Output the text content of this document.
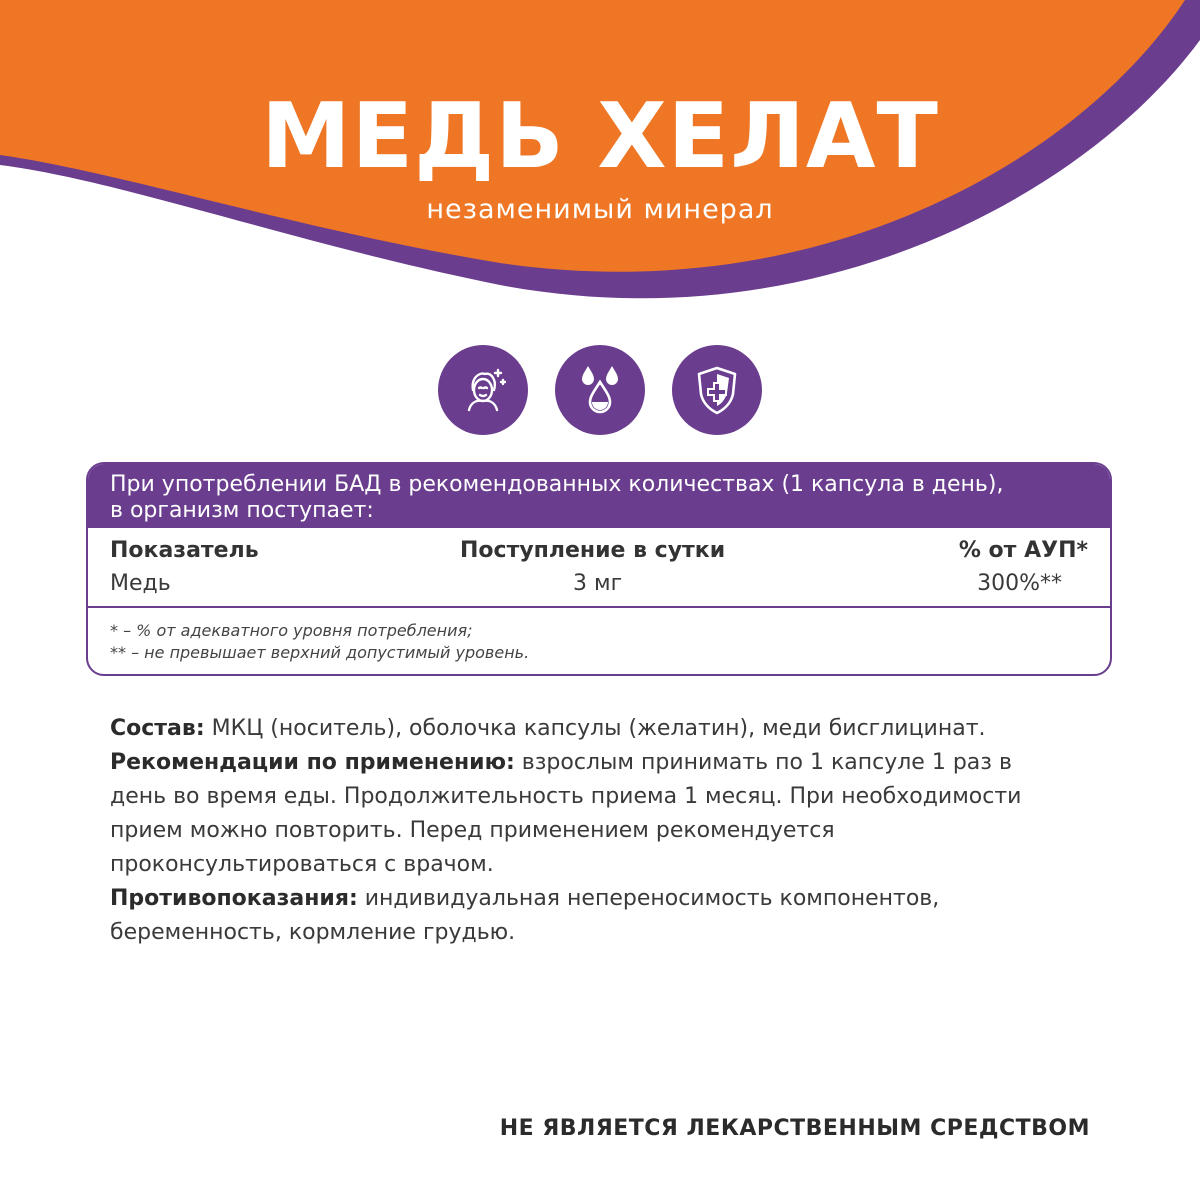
МЕДЬ ХЕЛАТ
незаменимый минерал
При употреблении БАД в рекомендованных количествах (1 капсула в день),
в организм поступает:
Показатель	Поступление в сутки	% от АУП*
Медь	3 мг	300%**
* – % от адекватного уровня потребления;
** – не превышает верхний допустимый уровень.
Состав: МКЦ (носитель), оболочка капсулы (желатин), меди бисглицинат.
Рекомендации по применению: взрослым принимать по 1 капсуле 1 раз в день во время еды. Продолжительность приема 1 месяц. При необходимости прием можно повторить. Перед применением рекомендуется проконсультироваться с врачом.
Противопоказания: индивидуальная непереносимость компонентов, беременность, кормление грудью.
НЕ ЯВЛЯЕТСЯ ЛЕКАРСТВЕННЫМ СРЕДСТВОМ
